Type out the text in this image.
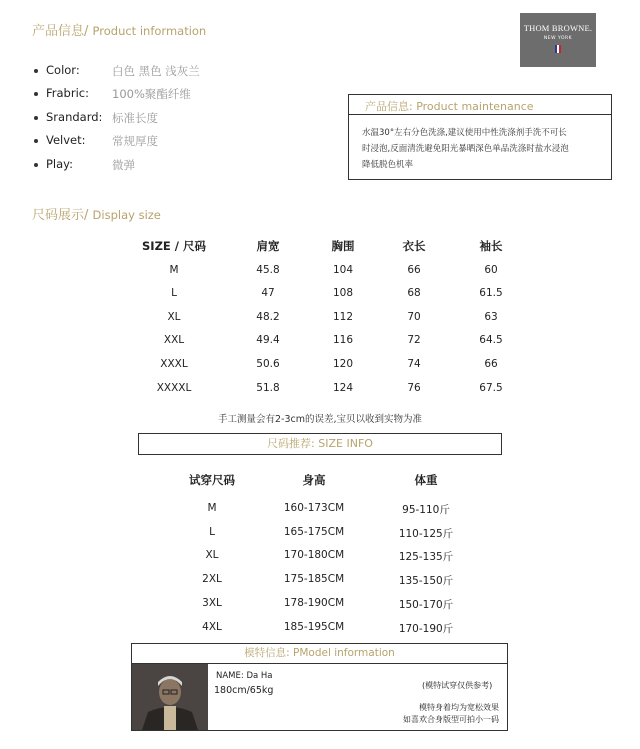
产品信息/ Product information
Color:	白色 黑色 浅灰兰
Frabric: 100%聚酯纤维
Srandard: 标准长度
Velvet: 常规厚度
Play:	微弹
THOM BROWNE.
NEW YORK
产品信息: Product maintenance
水温30°左右分色洗涤,建议使用中性洗涤剂手洗不可长
时浸泡,反面清洗避免阳光暴晒深色单品洗涤时盐水浸泡
降低脱色机率
尺码展示/ Display size
SIZE / 尺码	肩宽	胸围	衣长	袖长
M	45.8	104	66	60
L	47	108	68	61.5
XL	48.2	112	70	63
XXL	49.4	116	72	64.5
XXXL	50.6	120	74	66
XXXXL	51.8	124	76	67.5
手工测量会有2-3cm的误差,宝贝以收到实物为准
尺码推荐: SIZE INFO
试穿尺码	身高	体重
M	160-173CM	95-110斤
L	165-175CM	110-125斤
XL	170-180CM	125-135斤
2XL	175-185CM	135-150斤
3XL	178-190CM	150-170斤
4XL	185-195CM	170-190斤
模特信息: PModel information
NAME: Da Ha
180cm/65kg	(模特试穿仅供参考)
模特身着均为宽松效果
如喜欢合身版型可拍小一码
